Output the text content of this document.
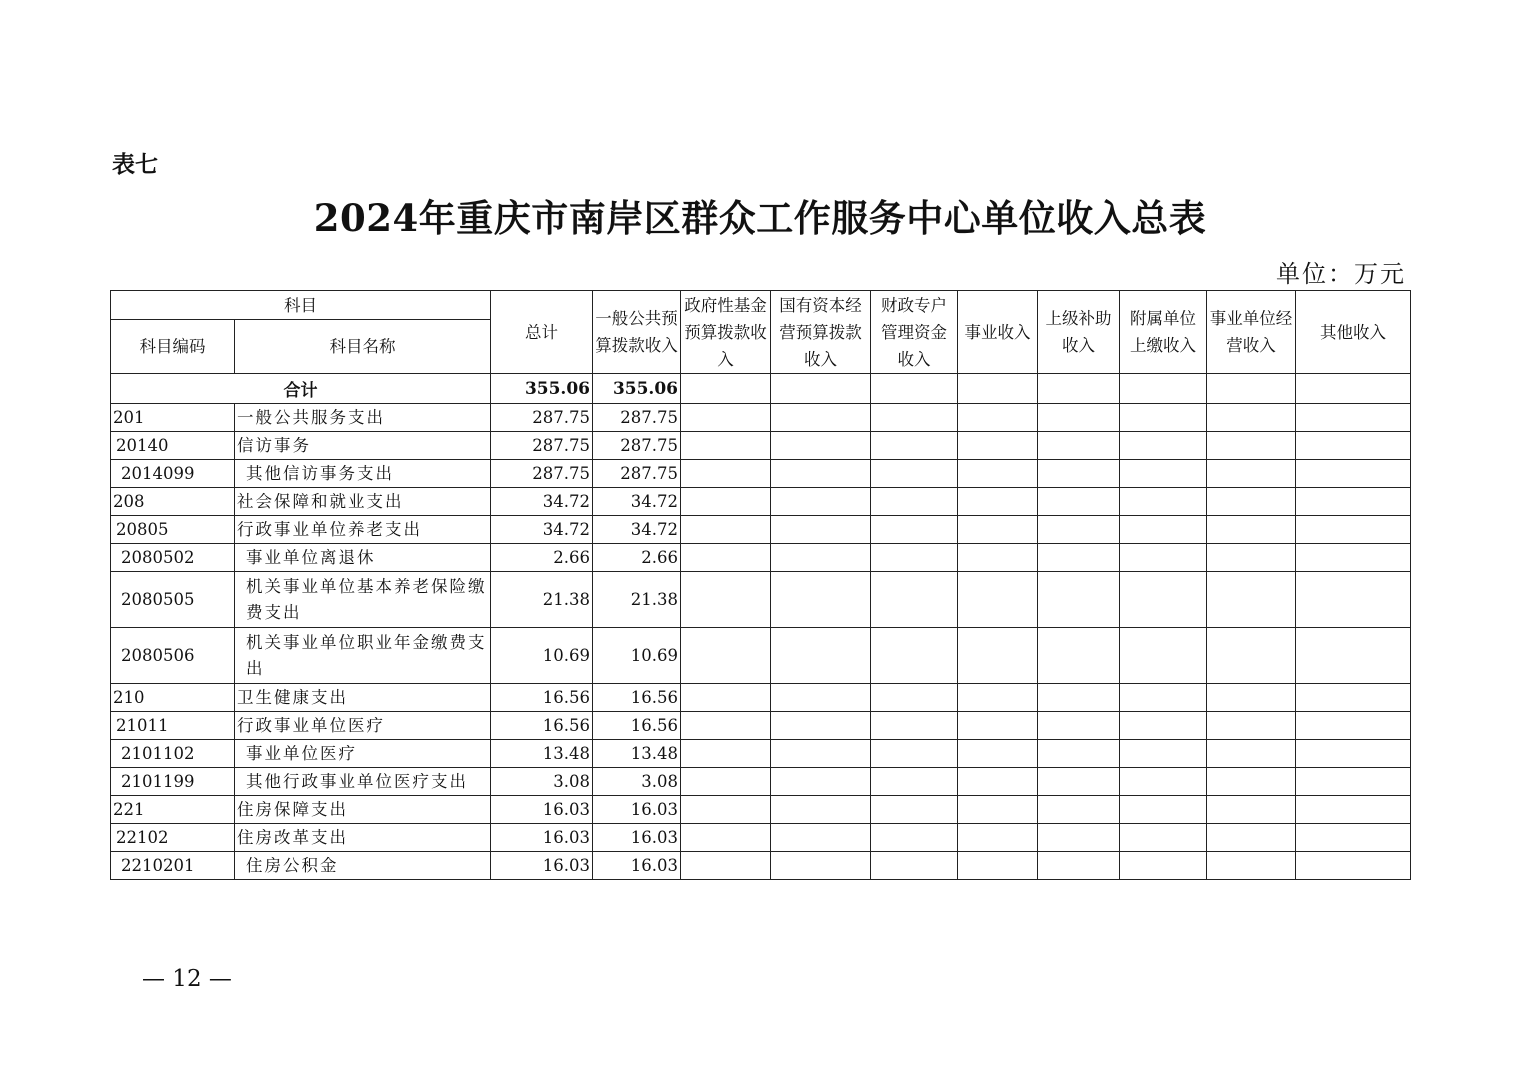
表七
2024年重庆市南岸区群众工作服务中心单位收入总表
单位：万元
科目		总计	一般公共预算拨款收入	政府性基金预算拨款收入	国有资本经营预算拨款收入	财政专户管理资金收入	事业收入	上级补助收入	附属单位上缴收入	事业单位经营收入	其他收入
科目编码	科目名称										
合计		355.06	355.06								
201	一般公共服务支出	287.75	287.75								
20140	信访事务	287.75	287.75								
2014099	其他信访事务支出	287.75	287.75								
208	社会保障和就业支出	34.72	34.72								
20805	行政事业单位养老支出	34.72	34.72								
2080502	事业单位离退休	2.66	2.66								
2080505	机关事业单位基本养老保险缴费支出	21.38	21.38								
2080506	机关事业单位职业年金缴费支出	10.69	10.69								
210	卫生健康支出	16.56	16.56								
21011	行政事业单位医疗	16.56	16.56								
2101102	事业单位医疗	13.48	13.48								
2101199	其他行政事业单位医疗支出	3.08	3.08								
221	住房保障支出	16.03	16.03								
22102	住房改革支出	16.03	16.03								
2210201	住房公积金	16.03	16.03								
— 12 —
